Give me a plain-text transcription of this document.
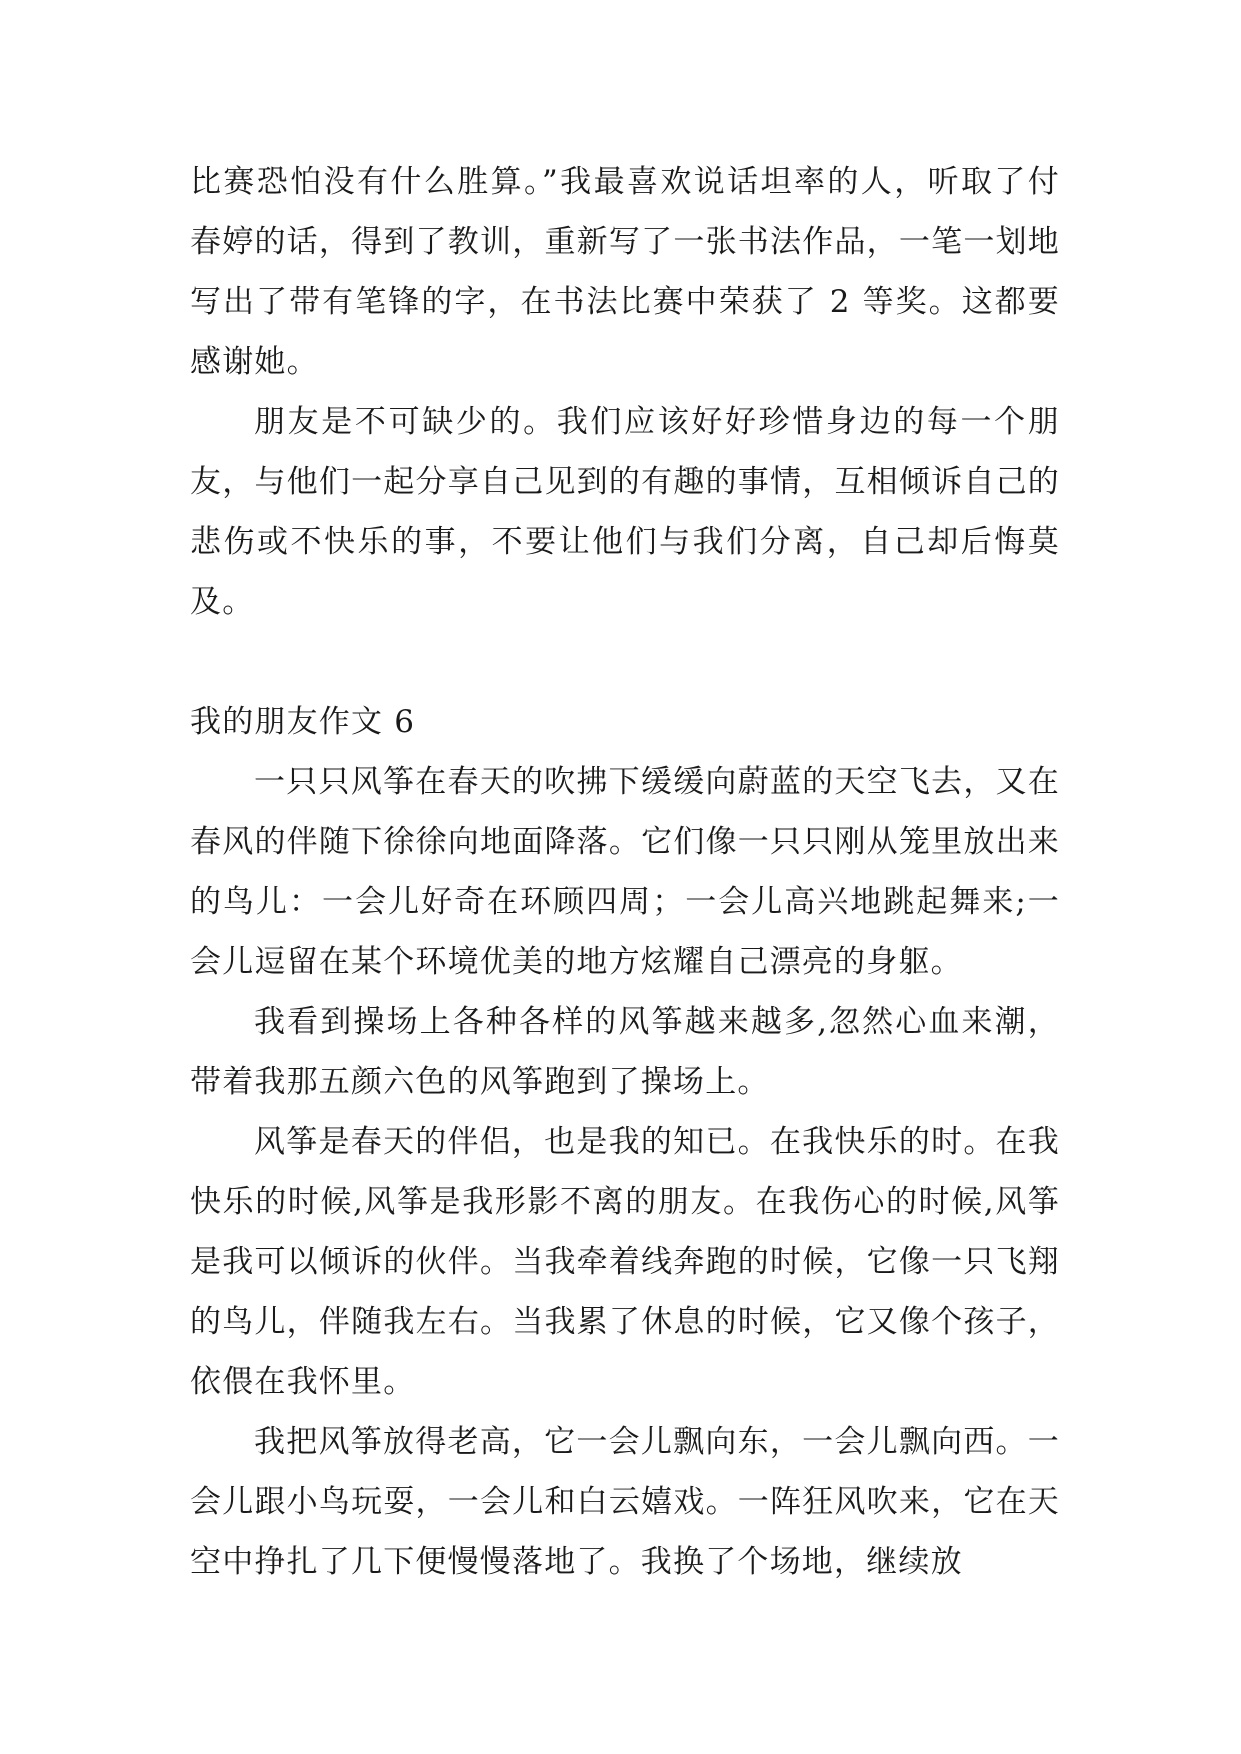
比赛恐怕没有什么胜算。”我最喜欢说话坦率的人，听取了付春婷的话，得到了教训，重新写了一张书法作品，一笔一划地写出了带有笔锋的字，在书法比赛中荣获了 2 等奖。这都要感谢她。

朋友是不可缺少的。我们应该好好珍惜身边的每一个朋友，与他们一起分享自己见到的有趣的事情，互相倾诉自己的悲伤或不快乐的事，不要让他们与我们分离，自己却后悔莫及。

我的朋友作文 6

一只只风筝在春天的吹拂下缓缓向蔚蓝的天空飞去，又在春风的伴随下徐徐向地面降落。它们像一只只刚从笼里放出来的鸟儿：一会儿好奇在环顾四周；一会儿高兴地跳起舞来;一会儿逗留在某个环境优美的地方炫耀自己漂亮的身躯。

我看到操场上各种各样的风筝越来越多,忽然心血来潮，带着我那五颜六色的风筝跑到了操场上。

风筝是春天的伴侣，也是我的知已。在我快乐的时。在我快乐的时候,风筝是我形影不离的朋友。在我伤心的时候,风筝是我可以倾诉的伙伴。当我牵着线奔跑的时候，它像一只飞翔的鸟儿，伴随我左右。当我累了休息的时候，它又像个孩子，依偎在我怀里。

我把风筝放得老高，它一会儿飘向东，一会儿飘向西。一会儿跟小鸟玩耍，一会儿和白云嬉戏。一阵狂风吹来，它在天空中挣扎了几下便慢慢落地了。我换了个场地，继续放
